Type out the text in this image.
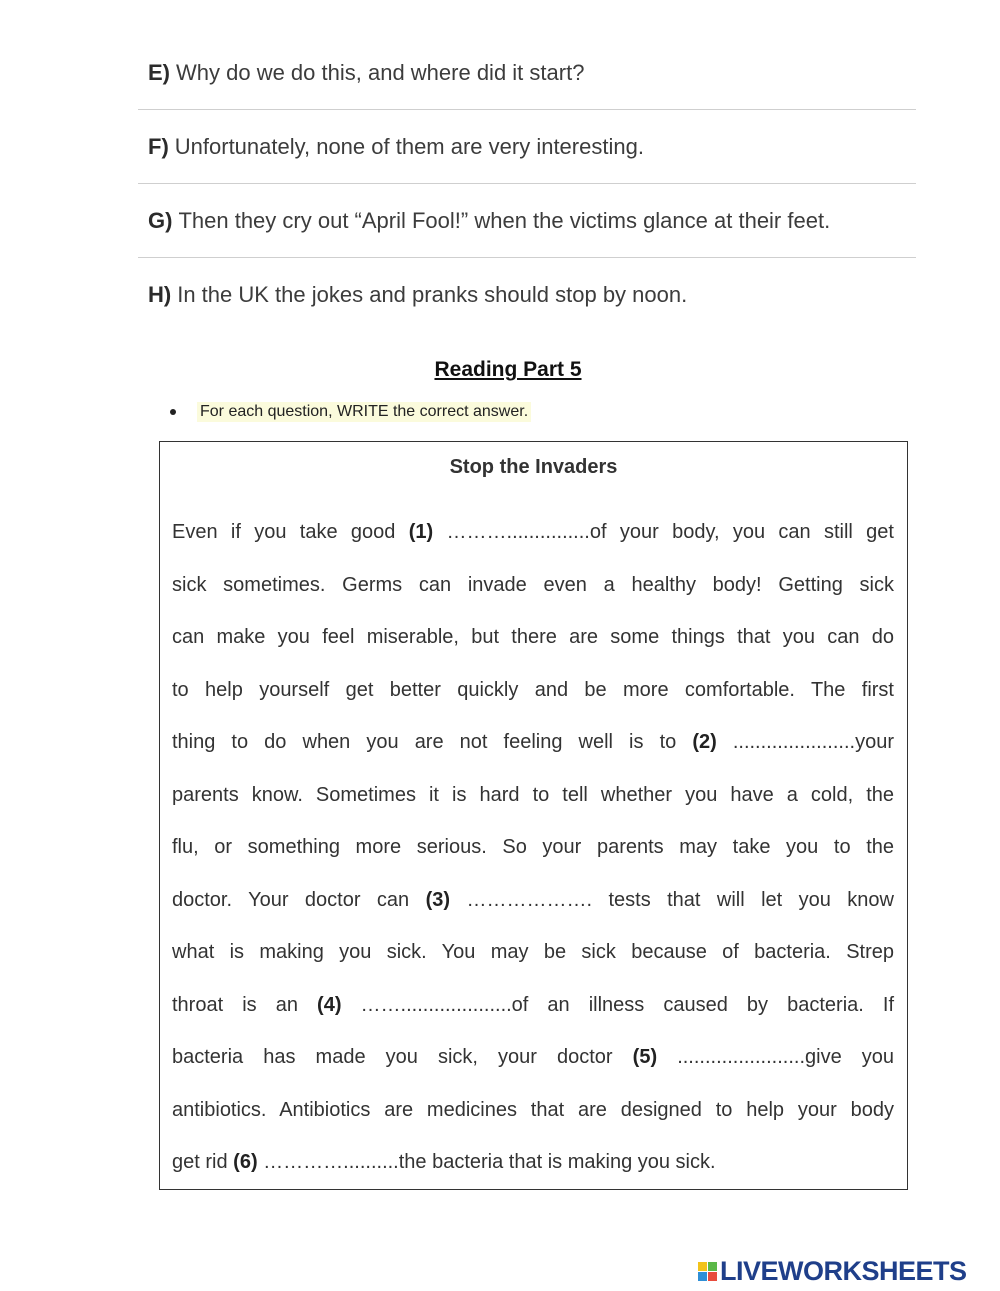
E) Why do we do this, and where did it start?
F) Unfortunately, none of them are very interesting.
G) Then they cry out “April Fool!” when the victims glance at their feet.
H) In the UK the jokes and pranks should stop by noon.
Reading Part 5
For each question, WRITE the correct answer.
Stop the Invaders
Even if you take good (1) ………...............of your body, you can still get
sick sometimes. Germs can invade even a healthy body! Getting sick
can make you feel miserable, but there are some things that you can do
to help yourself get better quickly and be more comfortable. The first
thing to do when you are not feeling well is to (2) ......................your
parents know. Sometimes it is hard to tell whether you have a cold, the
flu, or something more serious. So your parents may take you to the
doctor. Your doctor can (3) ………………. tests that will let you know
what is making you sick. You may be sick because of bacteria. Strep
throat is an (4) ……....................of an illness caused by bacteria. If
bacteria has made you sick, your doctor (5) .......................give you
antibiotics. Antibiotics are medicines that are designed to help your body
get rid (6) …………..........the bacteria that is making you sick.
LIVEWORKSHEETS
